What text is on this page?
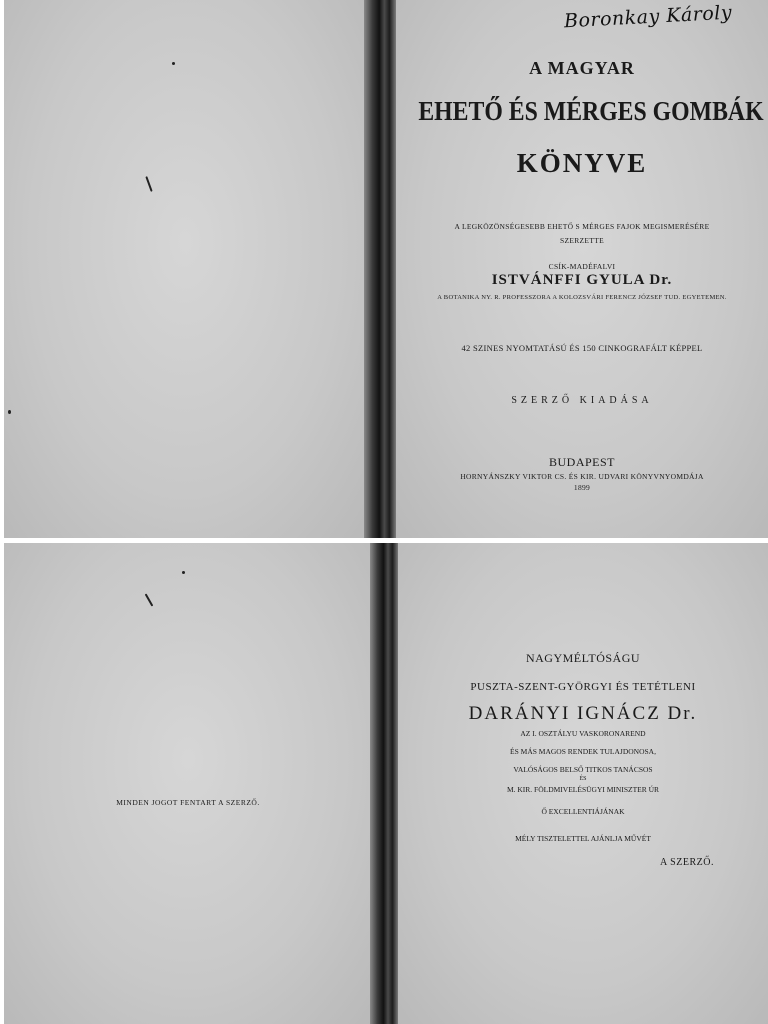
Boronkay Károly
A MAGYAR
EHETŐ ÉS MÉRGES GOMBÁK
KÖNYVE
A LEGKÖZÖNSÉGESEBB EHETŐ S MÉRGES FAJOK MEGISMERÉSÉRE
SZERZETTE
CSÍK-MADÉFALVI
ISTVÁNFFI GYULA Dr.
A BOTANIKA NY. R. PROFESSZORA A KOLOZSVÁRI FERENCZ JÓZSEF TUD. EGYETEMEN.
42 SZINES NYOMTATÁSÚ ÉS 150 CINKOGRAFÁLT KÉPPEL
SZERZŐ KIADÁSA
BUDAPEST
HORNYÁNSZKY VIKTOR CS. ÉS KIR. UDVARI KÖNYVNYOMDÁJA
1899
MINDEN JOGOT FENTART A SZERZŐ.
NAGYMÉLTÓSÁGU
PUSZTA-SZENT-GYÖRGYI ÉS TETÉTLENI
DARÁNYI IGNÁCZ Dr.
AZ I. OSZTÁLYU VASKORONAREND
ÉS MÁS MAGOS RENDEK TULAJDONOSA,
VALÓSÁGOS BELSŐ TITKOS TANÁCSOS
ÉS
M. KIR. FÖLDMIVELÉSÜGYI MINISZTER ÚR
Ő EXCELLENTIÁJÁNAK
MÉLY TISZTELETTEL AJÁNLJA MŰVÉT
A SZERZŐ.
